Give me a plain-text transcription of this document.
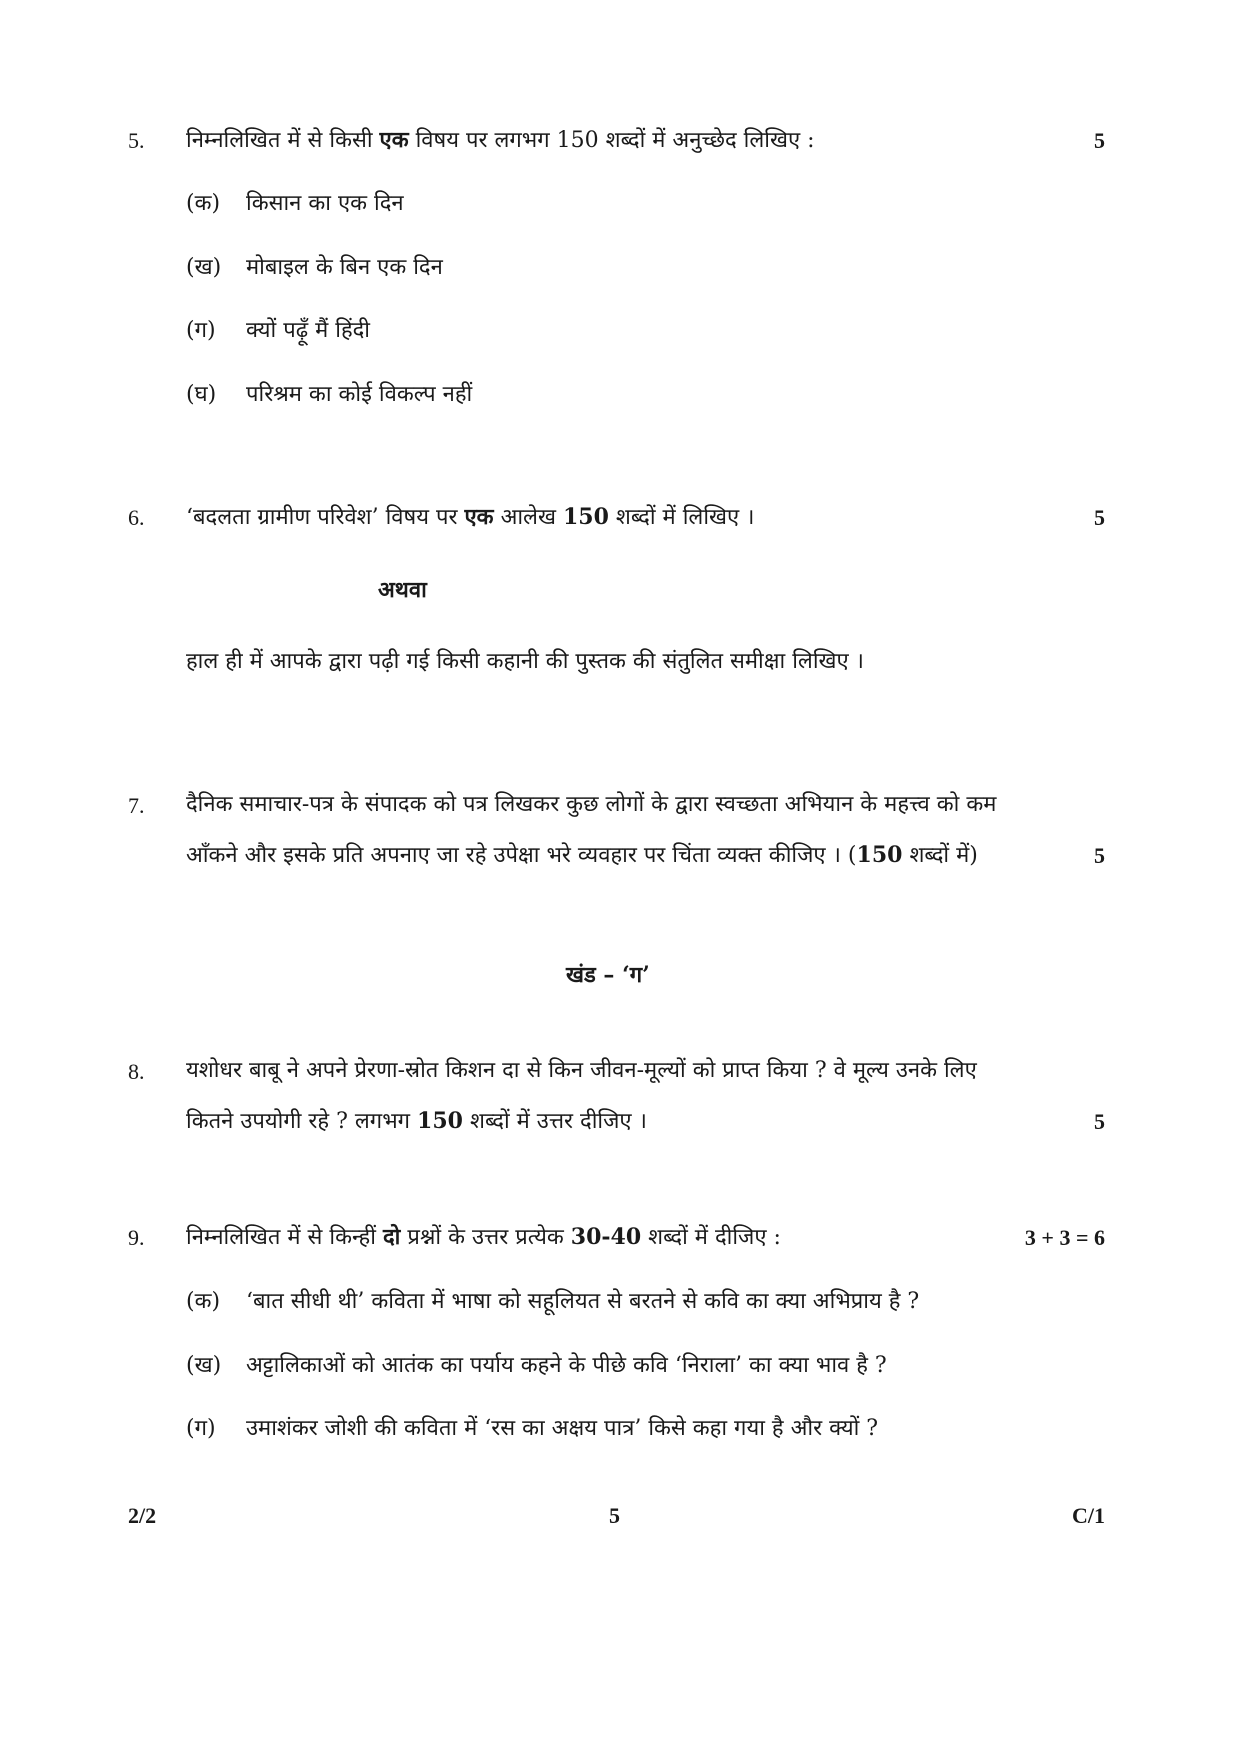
5. निम्नलिखित में से किसी एक विषय पर लगभग 150 शब्दों में अनुच्छेद लिखिए :	5
(क) किसान का एक दिन
(ख) मोबाइल के बिन एक दिन
(ग) क्यों पढ़ूँ मैं हिंदी
(घ) परिश्रम का कोई विकल्प नहीं
6. ‘बदलता ग्रामीण परिवेश’ विषय पर एक आलेख 150 शब्दों में लिखिए ।	5
अथवा
हाल ही में आपके द्वारा पढ़ी गई किसी कहानी की पुस्तक की संतुलित समीक्षा लिखिए ।
7. दैनिक समाचार-पत्र के संपादक को पत्र लिखकर कुछ लोगों के द्वारा स्वच्छता अभियान के महत्त्व को कम
आँकने और इसके प्रति अपनाए जा रहे उपेक्षा भरे व्यवहार पर चिंता व्यक्त कीजिए । (150 शब्दों में)	5
खंड – ‘ग’
8. यशोधर बाबू ने अपने प्रेरणा-स्रोत किशन दा से किन जीवन-मूल्यों को प्राप्त किया ? वे मूल्य उनके लिए
कितने उपयोगी रहे ? लगभग 150 शब्दों में उत्तर दीजिए ।	5
9. निम्नलिखित में से किन्हीं दो प्रश्नों के उत्तर प्रत्येक 30-40 शब्दों में दीजिए :	3 + 3 = 6
(क) ‘बात सीधी थी’ कविता में भाषा को सहूलियत से बरतने से कवि का क्या अभिप्राय है ?
(ख) अट्टालिकाओं को आतंक का पर्याय कहने के पीछे कवि ‘निराला’ का क्या भाव है ?
(ग) उमाशंकर जोशी की कविता में ‘रस का अक्षय पात्र’ किसे कहा गया है और क्यों ?
2/2	5	C/1
